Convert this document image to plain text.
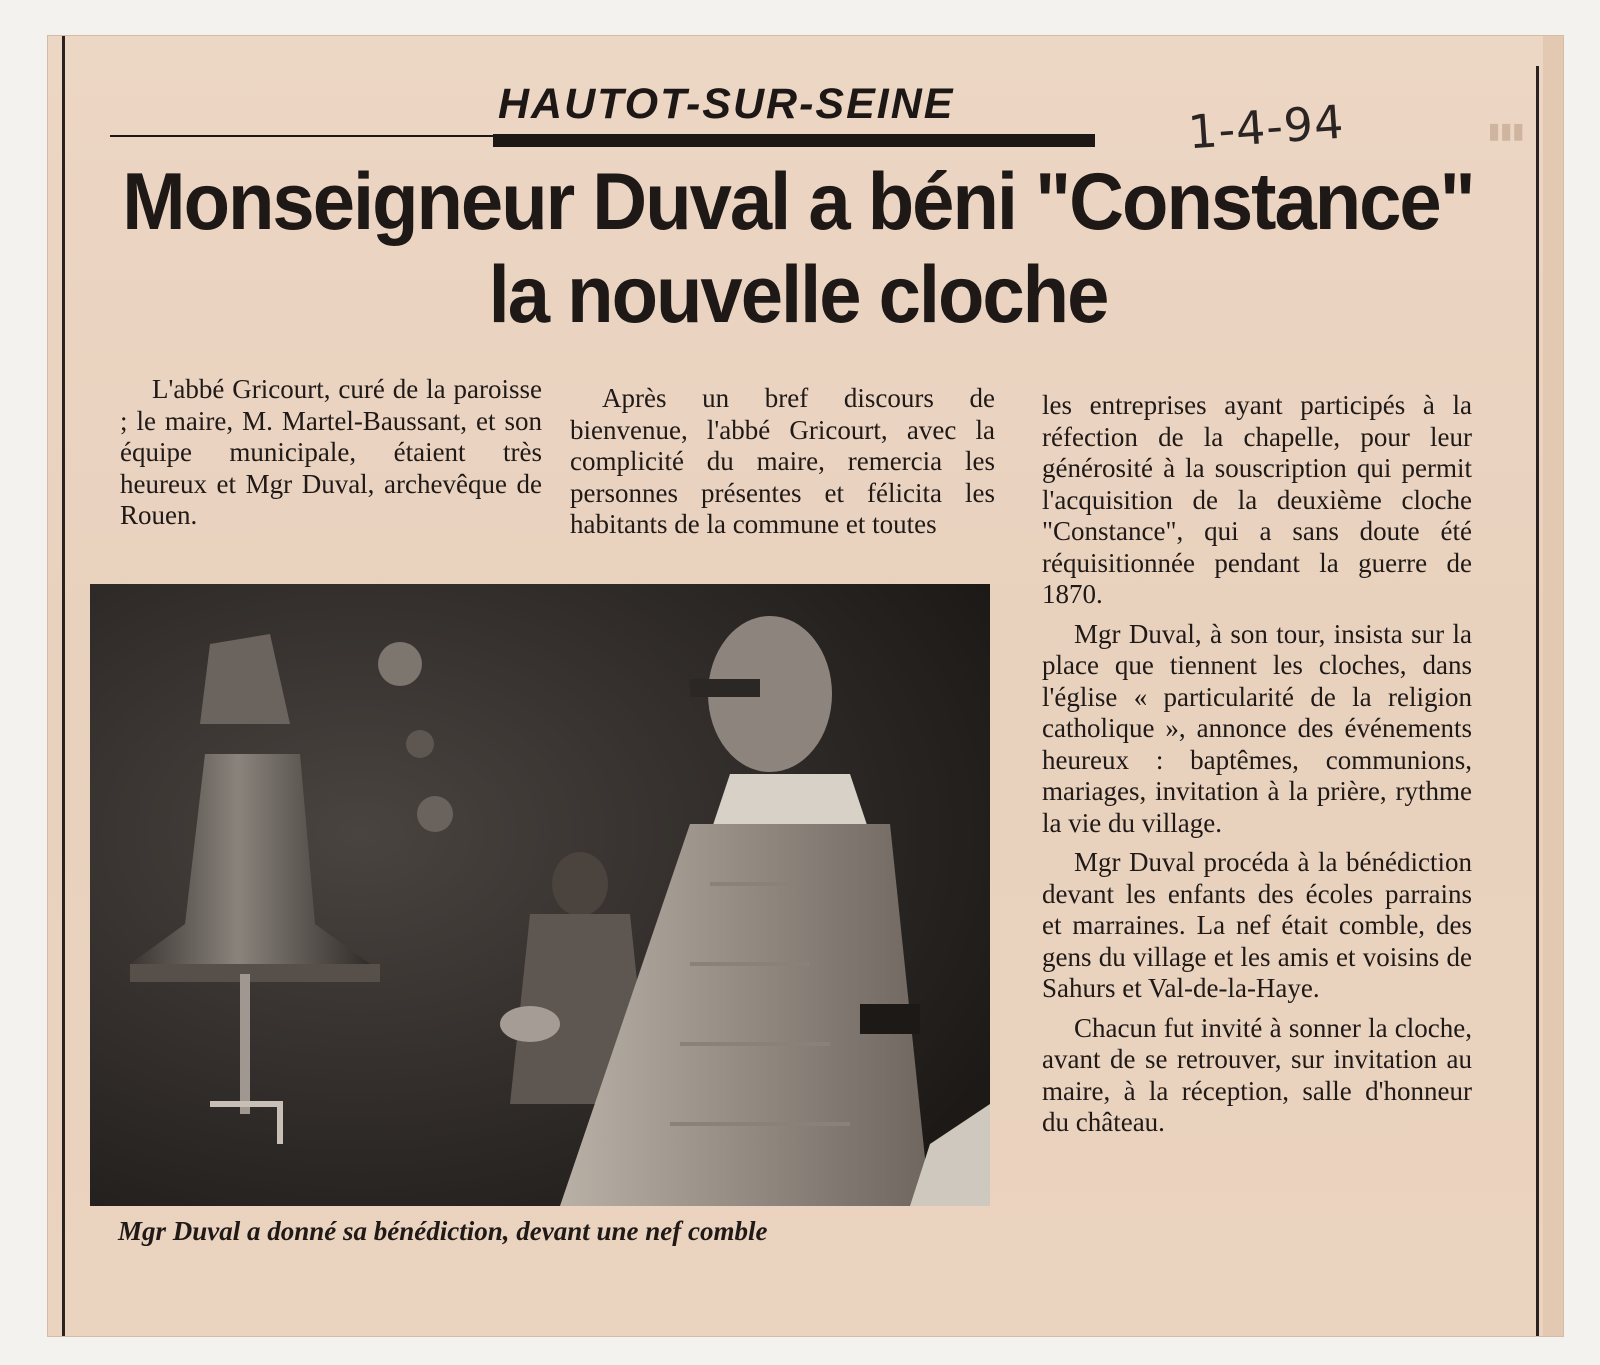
▮▮▮
HAUTOT-SUR-SEINE	1-4-94
Monseigneur Duval a béni "Constance"
la nouvelle cloche

L'abbé Gricourt, curé de la paroisse ; le maire, M. Martel-Baussant, et son équipe municipale, étaient très heureux et Mgr Duval, archevêque de Rouen.

Après un bref discours de bienvenue, l'abbé Gricourt, avec la complicité du maire, remercia les personnes présentes et félicita les habitants de la commune et toutes

les entreprises ayant participés à la réfection de la chapelle, pour leur générosité à la souscription qui permit l'acquisition de la deuxième cloche "Constance", qui a sans doute été réquisitionnée pendant la guerre de 1870.

Mgr Duval, à son tour, insista sur la place que tiennent les cloches, dans l'église « particularité de la religion catholique », annonce des événements heureux : baptêmes, communions, mariages, invitation à la prière, rythme la vie du village.

Mgr Duval procéda à la bénédiction devant les enfants des écoles parrains et marraines. La nef était comble, des gens du village et les amis et voisins de Sahurs et Val-de-la-Haye.

Chacun fut invité à sonner la cloche, avant de se retrouver, sur invitation au maire, à la réception, salle d'honneur du château.

Mgr Duval a donné sa bénédiction, devant une nef comble
